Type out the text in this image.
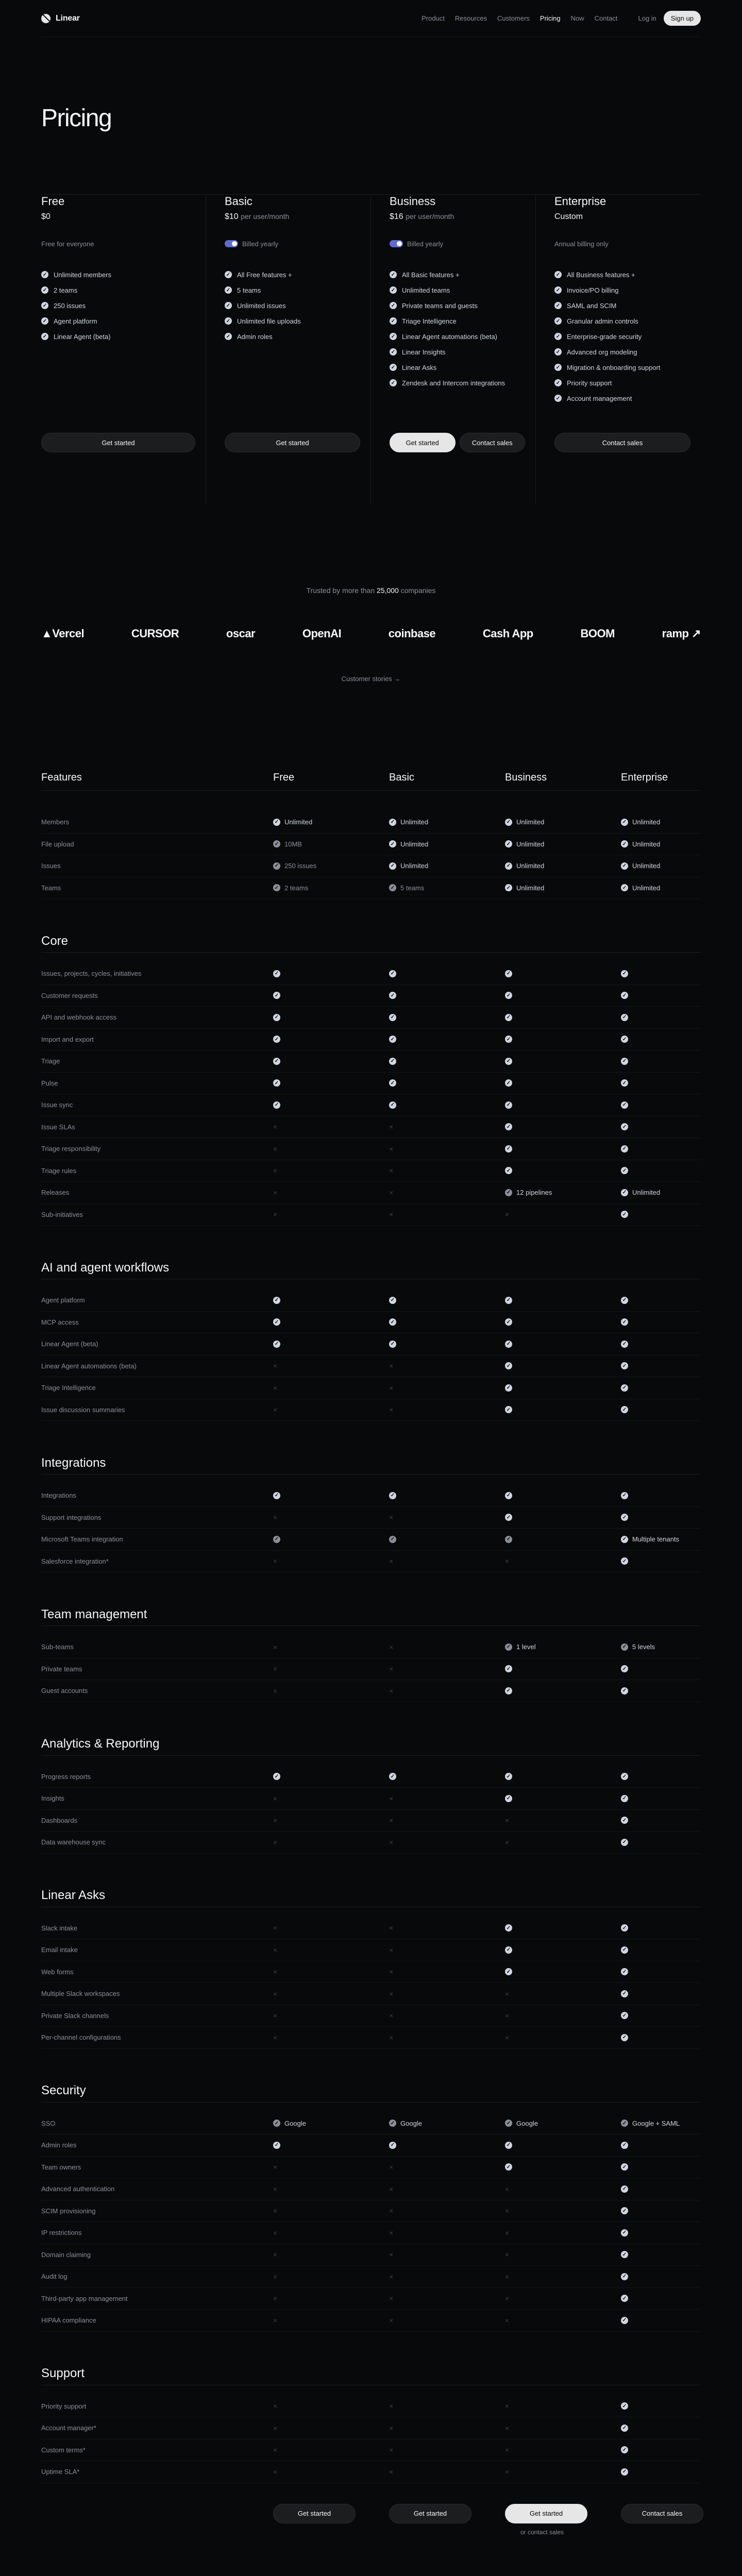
Linear	Product Resources Customers Pricing Now Contact	Log in	Sign up
Pricing
Free
$0
Free for everyone
✓ Unlimited members
✓ 2 teams
✓ 250 issues
✓ Agent platform
✓ Linear Agent (beta)
Get started
Basic
$10 per user/month
Billed yearly
✓ All Free features +
✓ 5 teams
✓ Unlimited issues
✓ Unlimited file uploads
✓ Admin roles
Get started
Business
$16 per user/month
Billed yearly
✓ All Basic features +
✓ Unlimited teams
✓ Private teams and guests
✓ Triage Intelligence
✓ Linear Agent automations (beta)
✓ Linear Insights
✓ Linear Asks
✓ Zendesk and Intercom integrations
Get started	Contact sales
Enterprise
Custom
Annual billing only
✓ All Business features +
✓ Invoice/PO billing
✓ SAML and SCIM
✓ Granular admin controls
✓ Enterprise-grade security
✓ Advanced org modeling
✓ Migration & onboarding support
✓ Priority support
✓ Account management
Contact sales

Trusted by more than 25,000 companies

▲Vercel	CURSOR	oscar	OpenAI	coinbase	Cash App	BOOM	ramp ↗

Customer stories →

Features	Free	Basic	Business	Enterprise
Members	✓ Unlimited	✓ Unlimited	✓ Unlimited	✓ Unlimited
File upload	✓ 10MB	✓ Unlimited	✓ Unlimited	✓ Unlimited
Issues	✓ 250 issues	✓ Unlimited	✓ Unlimited	✓ Unlimited
Teams	✓ 2 teams	✓ 5 teams	✓ Unlimited	✓ Unlimited
Core
Issues, projects, cycles, initiatives	✓	✓	✓	✓
Customer requests	✓	✓	✓	✓
API and webhook access	✓	✓	✓	✓
Import and export	✓	✓	✓	✓
Triage	✓	✓	✓	✓
Pulse	✓	✓	✓	✓
Issue sync	✓	✓	✓	✓
Issue SLAs	×	×	✓	✓
Triage responsibility	×	×	✓	✓
Triage rules	×	×	✓	✓
Releases	×	×	✓ 12 pipelines	✓ Unlimited
Sub-initiatives	×	×	×	✓
AI and agent workflows
Agent platform	✓	✓	✓	✓
MCP access	✓	✓	✓	✓
Linear Agent (beta)	✓	✓	✓	✓
Linear Agent automations (beta)	×	×	✓	✓
Triage Intelligence	×	×	✓	✓
Issue discussion summaries	×	×	✓	✓
Integrations
Integrations	✓	✓	✓	✓
Support integrations	×	×	✓	✓
Microsoft Teams integration	✓	✓	✓	✓ Multiple tenants
Salesforce integration*	×	×	×	✓
Team management
Sub-teams	×	×	✓ 1 level	✓ 5 levels
Private teams	×	×	✓	✓
Guest accounts	×	×	✓	✓
Analytics & Reporting
Progress reports	✓	✓	✓	✓
Insights	×	×	✓	✓
Dashboards	×	×	×	✓
Data warehouse sync	×	×	×	✓
Linear Asks
Slack intake	×	×	✓	✓
Email intake	×	×	✓	✓
Web forms	×	×	✓	✓
Multiple Slack workspaces	×	×	×	✓
Private Slack channels	×	×	×	✓
Per-channel configurations	×	×	×	✓
Security
SSO	✓ Google	✓ Google	✓ Google	✓ Google + SAML
Admin roles	✓	✓	✓	✓
Team owners	×	×	✓	✓
Advanced authentication	×	×	×	✓
SCIM provisioning	×	×	×	✓
IP restrictions	×	×	×	✓
Domain claiming	×	×	×	✓
Audit log	×	×	×	✓
Third-party app management	×	×	×	✓
HIPAA compliance	×	×	×	✓
Support
Priority support	×	×	×	✓
Account manager*	×	×	×	✓
Custom terms*	×	×	×	✓
Uptime SLA*	×	×	×	✓
Get started	Get started	Get started	Contact sales
or contact sales
